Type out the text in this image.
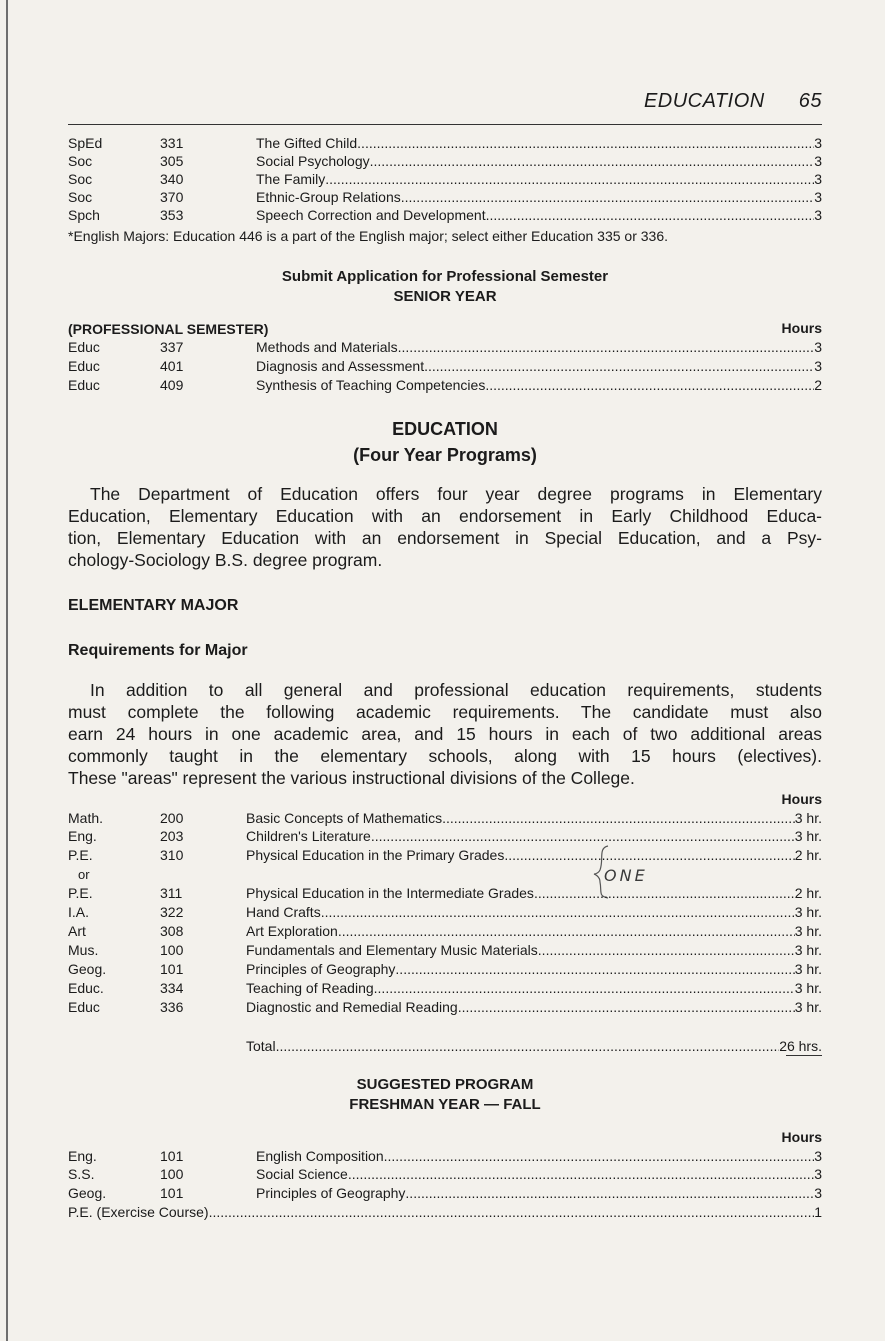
EDUCATION 65
SpEd	331	The Gifted Child .....	3
Soc	305	Social Psychology .....	3
Soc	340	The Family .....	3
Soc	370	Ethnic-Group Relations .....	3
Spch	353	Speech Correction and Development .....	3
*English Majors: Education 446 is a part of the English major; select either Education 335 or 336.
Submit Application for Professional Semester
SENIOR YEAR
(PROFESSIONAL SEMESTER)	Hours
Educ	337	Methods and Materials .....	3
Educ	401	Diagnosis and Assessment .....	3
Educ	409	Synthesis of Teaching Competencies .....	2
EDUCATION
(Four Year Programs)
The Department of Education offers four year degree programs in Elementary
Education, Elementary Education with an endorsement in Early Childhood Educa-
tion, Elementary Education with an endorsement in Special Education, and a Psy-
chology-Sociology B.S. degree program.
ELEMENTARY MAJOR
Requirements for Major
In addition to all general and professional education requirements, students
must complete the following academic requirements. The candidate must also
earn 24 hours in one academic area, and 15 hours in each of two additional areas
commonly taught in the elementary schools, along with 15 hours (electives).
These "areas" represent the various instructional divisions of the College.
Hours
Math.	200	Basic Concepts of Mathematics .....	3 hr.
Eng.	203	Children's Literature .....	3 hr.
P.E.	310	Physical Education in the Primary Grades .....	2 hr.
or	ONE
P.E.	311	Physical Education in the Intermediate Grades .....	2 hr.
I.A.	322	Hand Crafts .....	3 hr.
Art	308	Art Exploration .....	3 hr.
Mus.	100	Fundamentals and Elementary Music Materials .....	3 hr.
Geog.	101	Principles of Geography .....	3 hr.
Educ.	334	Teaching of Reading .....	3 hr.
Educ	336	Diagnostic and Remedial Reading .....	3 hr.
Total .....	26 hrs.
SUGGESTED PROGRAM
FRESHMAN YEAR — FALL
Hours
Eng.	101	English Composition .....	3
S.S.	100	Social Science .....	3
Geog.	101	Principles of Geography .....	3
P.E. (Exercise Course) .....	1
